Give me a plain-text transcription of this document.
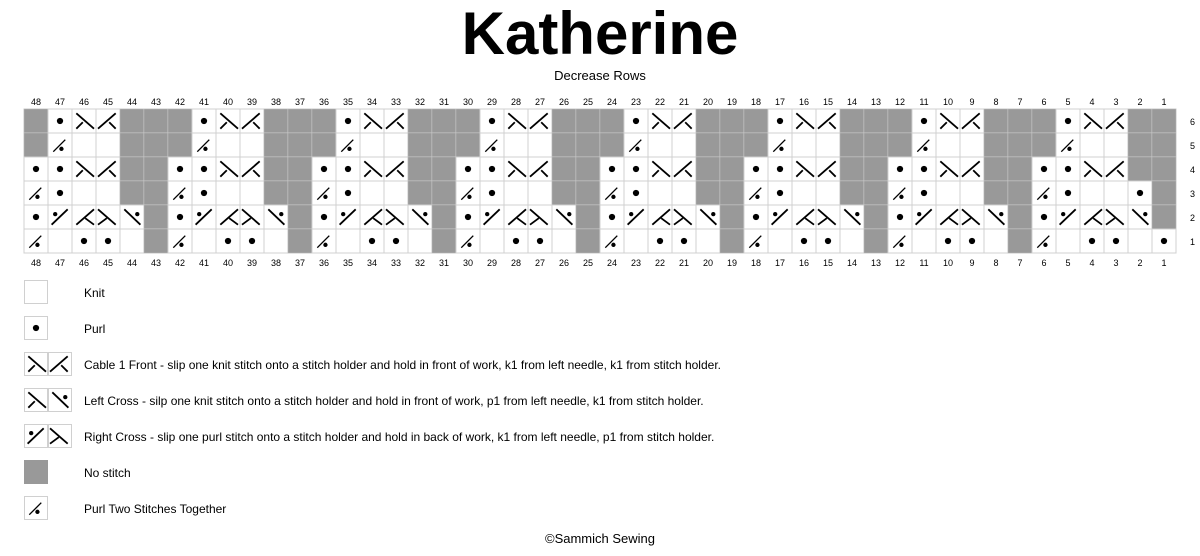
Katherine
Decrease Rows
48
48
47
47
46
46
45
45
44
44
43
43
42
42
41
41
40
40
39
39
38
38
37
37
36
36
35
35
34
34
33
33
32
32
31
31
30
30
29
29
28
28
27
27
26
26
25
25
24
24
23
23
22
22
21
21
20
20
19
19
18
18
17
17
16
16
15
15
14
14
13
13
12
12
11
11
10
10
9
9
8
8
7
7
6
6
5
5
4
4
3
3
2
2
1
1
6
5
4
3
2
1
Knit
Purl
Cable 1 Front - slip one knit stitch onto a stitch holder and hold in front of work, k1 from left needle, k1 from stitch holder.
Left Cross - silp one knit stitch onto a stitch holder and hold in front of work, p1 from left needle, k1 from stitch holder.
Right Cross - slip one purl stitch onto a stitch holder and hold in back of work, k1 from left needle, p1 from stitch holder.
No stitch
Purl Two Stitches Together
©Sammich Sewing
